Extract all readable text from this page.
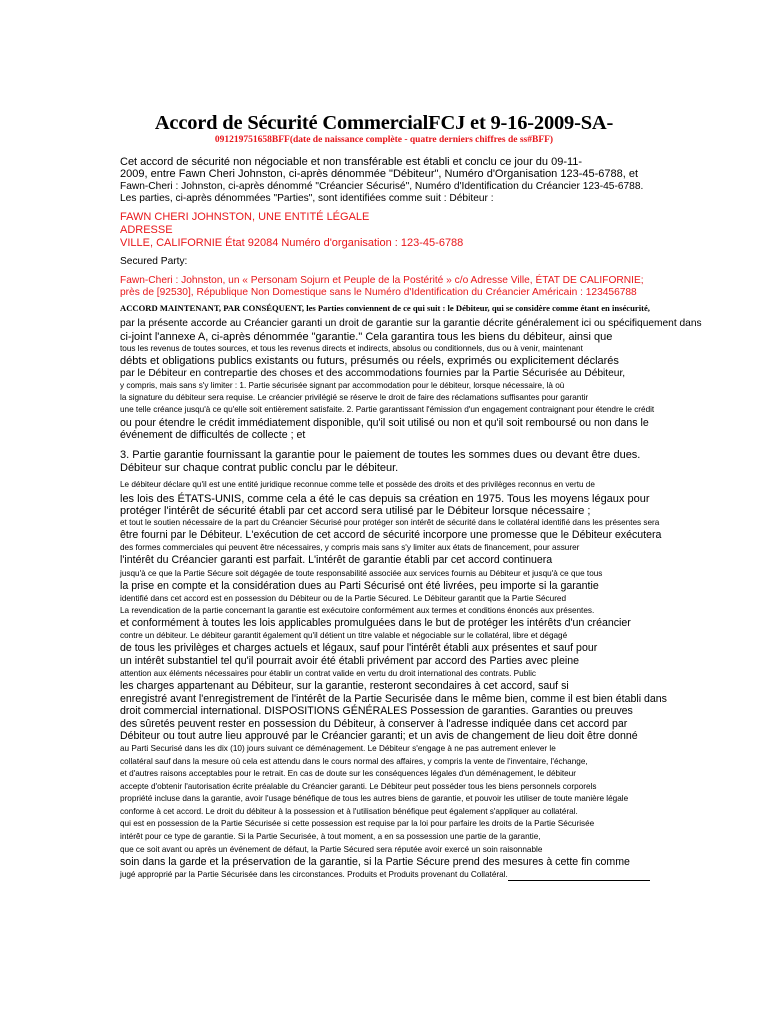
Accord de Sécurité CommercialFCJ et 9-16-2009-SA-
091219751658BFF(date de naissance complète - quatre derniers chiffres de ss#BFF)
Cet accord de sécurité non négociable et non transférable est établi et conclu ce jour du 09-11-
2009, entre Fawn Cheri Johnston, ci-après dénommée "Débiteur", Numéro d'Organisation 123-45-6788, et
Fawn-Cheri : Johnston, ci-après dénommé "Créancier Sécurisé", Numéro d'Identification du Créancier 123-45-6788.
Les parties, ci-après dénommées "Parties", sont identifiées comme suit : Débiteur :
FAWN CHERI JOHNSTON, UNE ENTITÉ LÉGALE
ADRESSE
VILLE, CALIFORNIE État 92084 Numéro d'organisation : 123-45-6788
Secured Party:
Fawn-Cheri : Johnston, un « Personam Sojurn et Peuple de la Postérité » c/o Adresse Ville, ÉTAT DE CALIFORNIE;
près de [92530], République Non Domestique sans le Numéro d'Identification du Créancier Américain : 123456788
ACCORD MAINTENANT, PAR CONSÉQUENT, les Parties conviennent de ce qui suit : le Débiteur, qui se considère comme étant en insécurité,
par la présente accorde au Créancier garanti un droit de garantie sur la garantie décrite généralement ici ou spécifiquement dans
ci-joint l'annexe A, ci-après dénommée "garantie." Cela garantira tous les biens du débiteur, ainsi que
tous les revenus de toutes sources, et tous les revenus directs et indirects, absolus ou conditionnels, dus ou à venir, maintenant
débts et obligations publics existants ou futurs, présumés ou réels, exprimés ou explicitement déclarés
par le Débiteur en contrepartie des choses et des accommodations fournies par la Partie Sécurisée au Débiteur,
y compris, mais sans s'y limiter : 1. Partie sécurisée signant par accommodation pour le débiteur, lorsque nécessaire, là où
la signature du débiteur sera requise. Le créancier privilégié se réserve le droit de faire des réclamations suffisantes pour garantir
une telle créance jusqu'à ce qu'elle soit entièrement satisfaite. 2. Partie garantissant l'émission d'un engagement contraignant pour étendre le crédit
ou pour étendre le crédit immédiatement disponible, qu'il soit utilisé ou non et qu'il soit remboursé ou non dans le
événement de difficultés de collecte ; et
3. Partie garantie fournissant la garantie pour le paiement de toutes les sommes dues ou devant être dues.
Débiteur sur chaque contrat public conclu par le débiteur.
Le débiteur déclare qu'il est une entité juridique reconnue comme telle et possède des droits et des privilèges reconnus en vertu de
les lois des ÉTATS-UNIS, comme cela a été le cas depuis sa création en 1975. Tous les moyens légaux pour
protéger l'intérêt de sécurité établi par cet accord sera utilisé par le Débiteur lorsque nécessaire ;
et tout le soutien nécessaire de la part du Créancier Sécurisé pour protéger son intérêt de sécurité dans le collatéral identifié dans les présentes sera
être fourni par le Débiteur. L'exécution de cet accord de sécurité incorpore une promesse que le Débiteur exécutera
des formes commerciales qui peuvent être nécessaires, y compris mais sans s'y limiter aux états de financement, pour assurer
l'intérêt du Créancier garanti est parfait. L'intérêt de garantie établi par cet accord continuera
jusqu'à ce que la Partie Sécure soit dégagée de toute responsabilité associée aux services fournis au Débiteur et jusqu'à ce que tous
la prise en compte et la considération dues au Parti Sécurisé ont été livrées, peu importe si la garantie
identifié dans cet accord est en possession du Débiteur ou de la Partie Sécured. Le Débiteur garantit que la Partie Sécured
La revendication de la partie concernant la garantie est exécutoire conformément aux termes et conditions énoncés aux présentes.
et conformément à toutes les lois applicables promulguées dans le but de protéger les intérêts d'un créancier
contre un débiteur. Le débiteur garantit également qu'il détient un titre valable et négociable sur le collatéral, libre et dégagé
de tous les privilèges et charges actuels et légaux, sauf pour l'intérêt établi aux présentes et sauf pour
un intérêt substantiel tel qu'il pourrait avoir été établi privément par accord des Parties avec pleine
attention aux éléments nécessaires pour établir un contrat valide en vertu du droit international des contrats. Public
les charges appartenant au Débiteur, sur la garantie, resteront secondaires à cet accord, sauf si
enregistré avant l'enregistrement de l'intérêt de la Partie Securisée dans le même bien, comme il est bien établi dans
droit commercial international. DISPOSITIONS GÉNÉRALES Possession de garanties. Garanties ou preuves
des sûretés peuvent rester en possession du Débiteur, à conserver à l'adresse indiquée dans cet accord par
Débiteur ou tout autre lieu approuvé par le Créancier garanti; et un avis de changement de lieu doit être donné
au Parti Securisé dans les dix (10) jours suivant ce déménagement. Le Débiteur s'engage à ne pas autrement enlever le
collatéral sauf dans la mesure où cela est attendu dans le cours normal des affaires, y compris la vente de l'inventaire, l'échange,
et d'autres raisons acceptables pour le retrait. En cas de doute sur les conséquences légales d'un déménagement, le débiteur
accepte d'obtenir l'autorisation écrite préalable du Créancier garanti. Le Débiteur peut posséder tous les biens personnels corporels
propriété incluse dans la garantie, avoir l'usage bénéfique de tous les autres biens de garantie, et pouvoir les utiliser de toute manière légale
conforme à cet accord. Le droit du débiteur à la possession et à l'utilisation bénéfique peut également s'appliquer au collatéral.
qui est en possession de la Partie Sécurisée si cette possession est requise par la loi pour parfaire les droits de la Partie Sécurisée
intérêt pour ce type de garantie. Si la Partie Securisée, à tout moment, a en sa possession une partie de la garantie,
que ce soit avant ou après un événement de défaut, la Partie Sécured sera réputée avoir exercé un soin raisonnable
soin dans la garde et la préservation de la garantie, si la Partie Sécure prend des mesures à cette fin comme
jugé approprié par la Partie Sécurisée dans les circonstances. Produits et Produits provenant du Collatéral.
